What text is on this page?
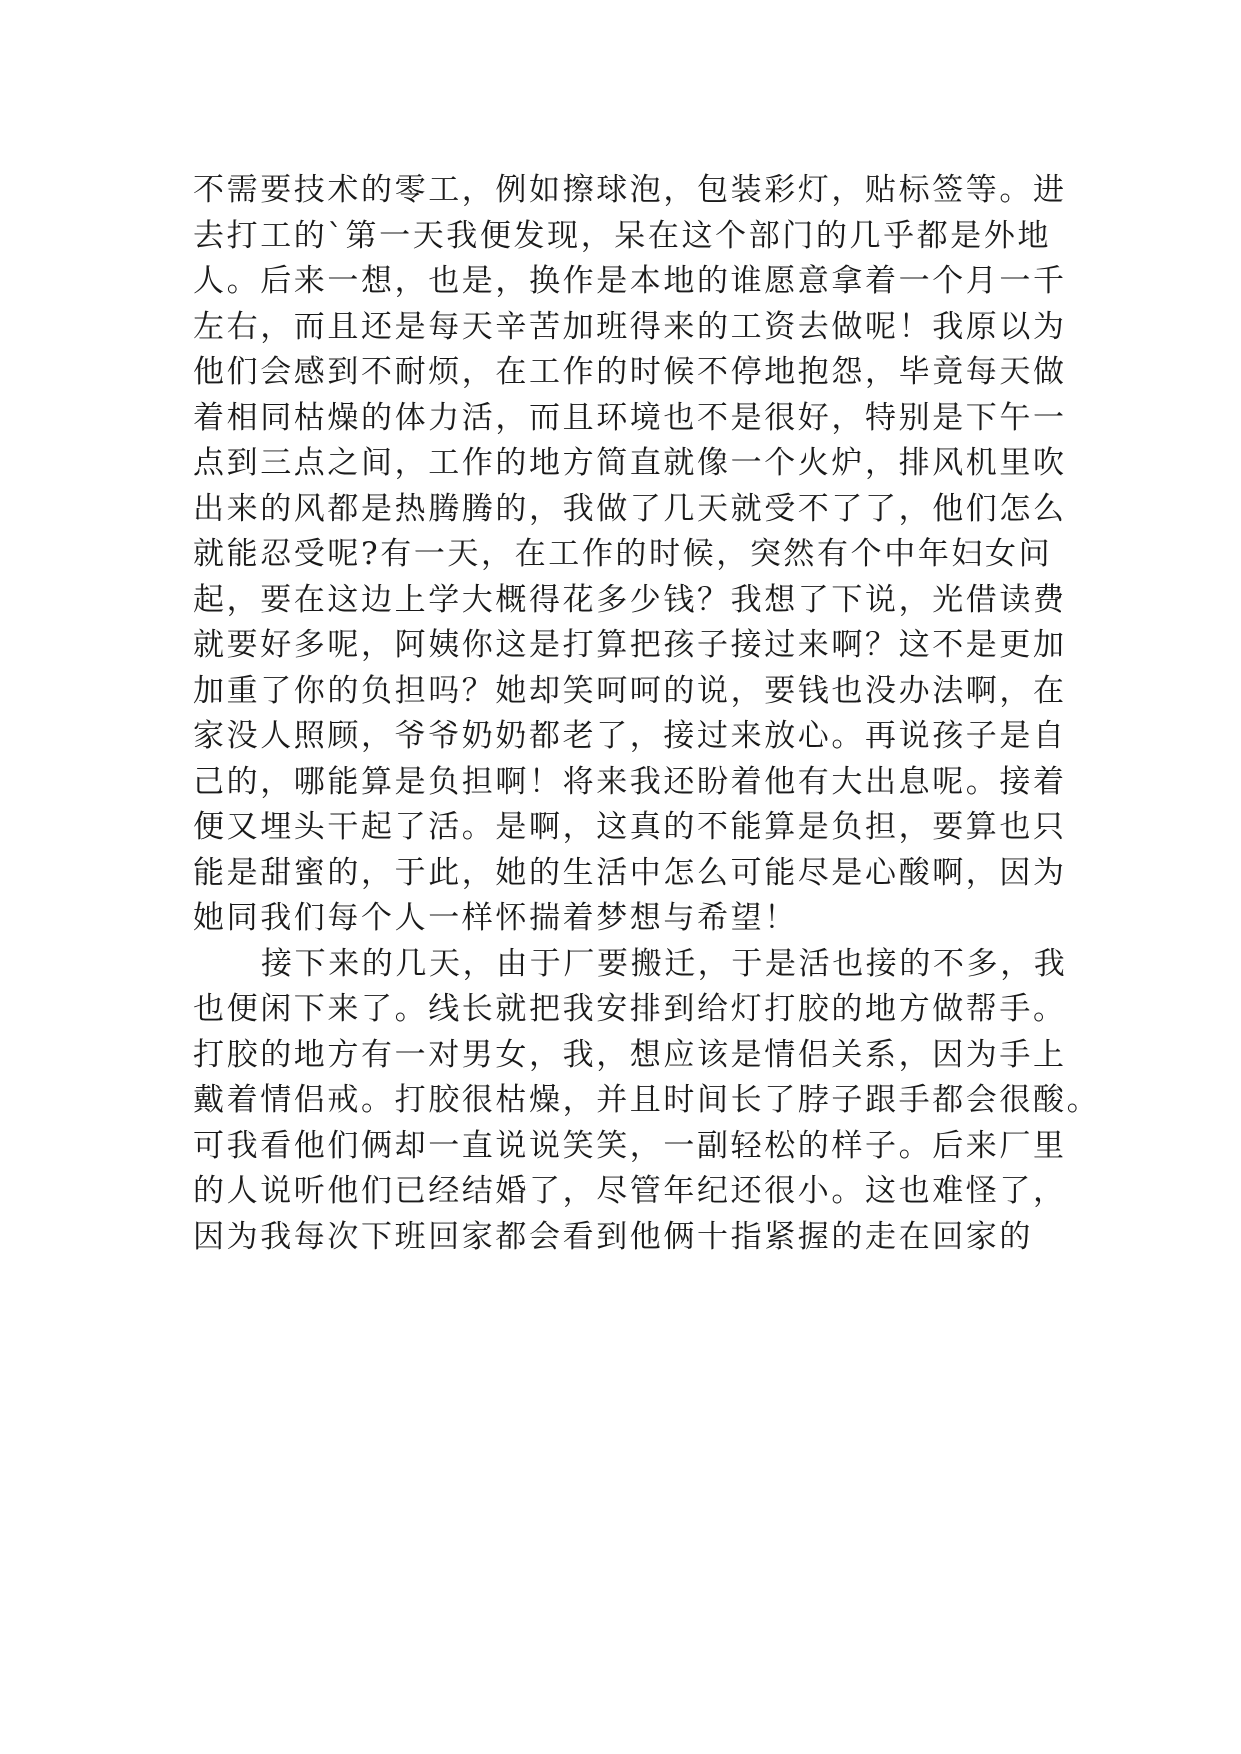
不需要技术的零工，例如擦球泡，包装彩灯，贴标签等。进
去打工的`第一天我便发现，呆在这个部门的几乎都是外地
人。后来一想，也是，换作是本地的谁愿意拿着一个月一千
左右，而且还是每天辛苦加班得来的工资去做呢！我原以为
他们会感到不耐烦，在工作的时候不停地抱怨，毕竟每天做
着相同枯燥的体力活，而且环境也不是很好，特别是下午一
点到三点之间，工作的地方简直就像一个火炉，排风机里吹
出来的风都是热腾腾的，我做了几天就受不了了，他们怎么
就能忍受呢?有一天，在工作的时候，突然有个中年妇女问
起，要在这边上学大概得花多少钱？我想了下说，光借读费
就要好多呢，阿姨你这是打算把孩子接过来啊？这不是更加
加重了你的负担吗？她却笑呵呵的说，要钱也没办法啊，在
家没人照顾，爷爷奶奶都老了，接过来放心。再说孩子是自
己的，哪能算是负担啊！将来我还盼着他有大出息呢。接着
便又埋头干起了活。是啊，这真的不能算是负担，要算也只
能是甜蜜的，于此，她的生活中怎么可能尽是心酸啊，因为
她同我们每个人一样怀揣着梦想与希望！
接下来的几天，由于厂要搬迁，于是活也接的不多，我
也便闲下来了。线长就把我安排到给灯打胶的地方做帮手。
打胶的地方有一对男女，我，想应该是情侣关系，因为手上
戴着情侣戒。打胶很枯燥，并且时间长了脖子跟手都会很酸。
可我看他们俩却一直说说笑笑，一副轻松的样子。后来厂里
的人说听他们已经结婚了，尽管年纪还很小。这也难怪了，
因为我每次下班回家都会看到他俩十指紧握的走在回家的
